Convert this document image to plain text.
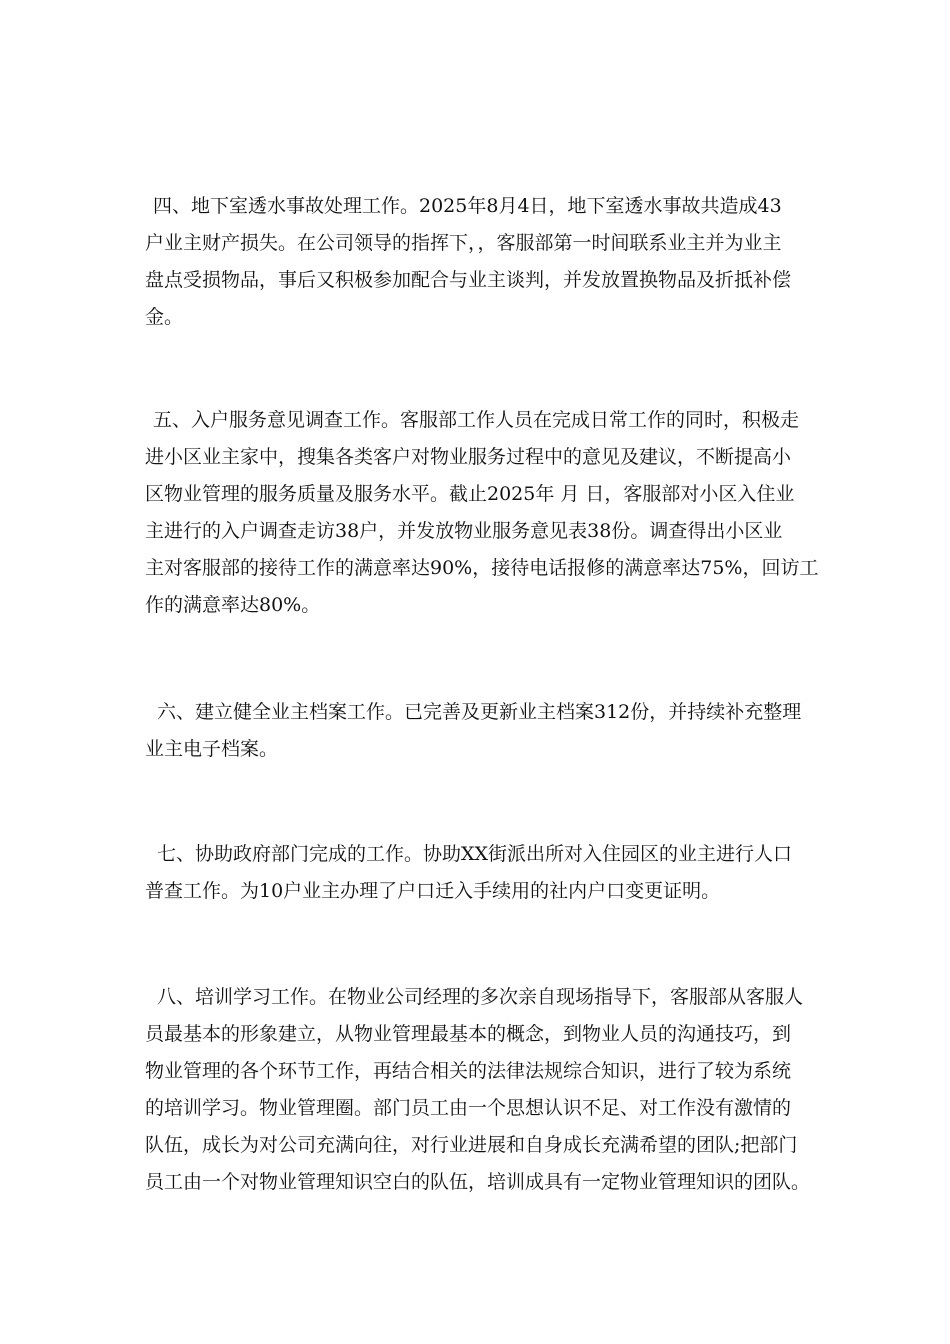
四、地下室透水事故处理工作。2025年8月4日，地下室透水事故共造成43
户业主财产损失。在公司领导的指挥下，，客服部第一时间联系业主并为业主
盘点受损物品，事后又积极参加配合与业主谈判，并发放置换物品及折抵补偿
金。

五、入户服务意见调查工作。客服部工作人员在完成日常工作的同时，积极走
进小区业主家中，搜集各类客户对物业服务过程中的意见及建议，不断提高小
区物业管理的服务质量及服务水平。截止2025年 月 日，客服部对小区入住业
主进行的入户调查走访38户，并发放物业服务意见表38份。调查得出小区业
主对客服部的接待工作的满意率达90%，接待电话报修的满意率达75%，回访工
作的满意率达80%。

六、建立健全业主档案工作。已完善及更新业主档案312份，并持续补充整理
业主电子档案。

七、协助政府部门完成的工作。协助XX街派出所对入住园区的业主进行人口
普查工作。为10户业主办理了户口迁入手续用的社内户口变更证明。

八、培训学习工作。在物业公司经理的多次亲自现场指导下，客服部从客服人
员最基本的形象建立，从物业管理最基本的概念，到物业人员的沟通技巧，到
物业管理的各个环节工作，再结合相关的法律法规综合知识，进行了较为系统
的培训学习。物业管理圈。部门员工由一个思想认识不足、对工作没有激情的
队伍，成长为对公司充满向往，对行业进展和自身成长充满希望的团队;把部门
员工由一个对物业管理知识空白的队伍，培训成具有一定物业管理知识的团队。
